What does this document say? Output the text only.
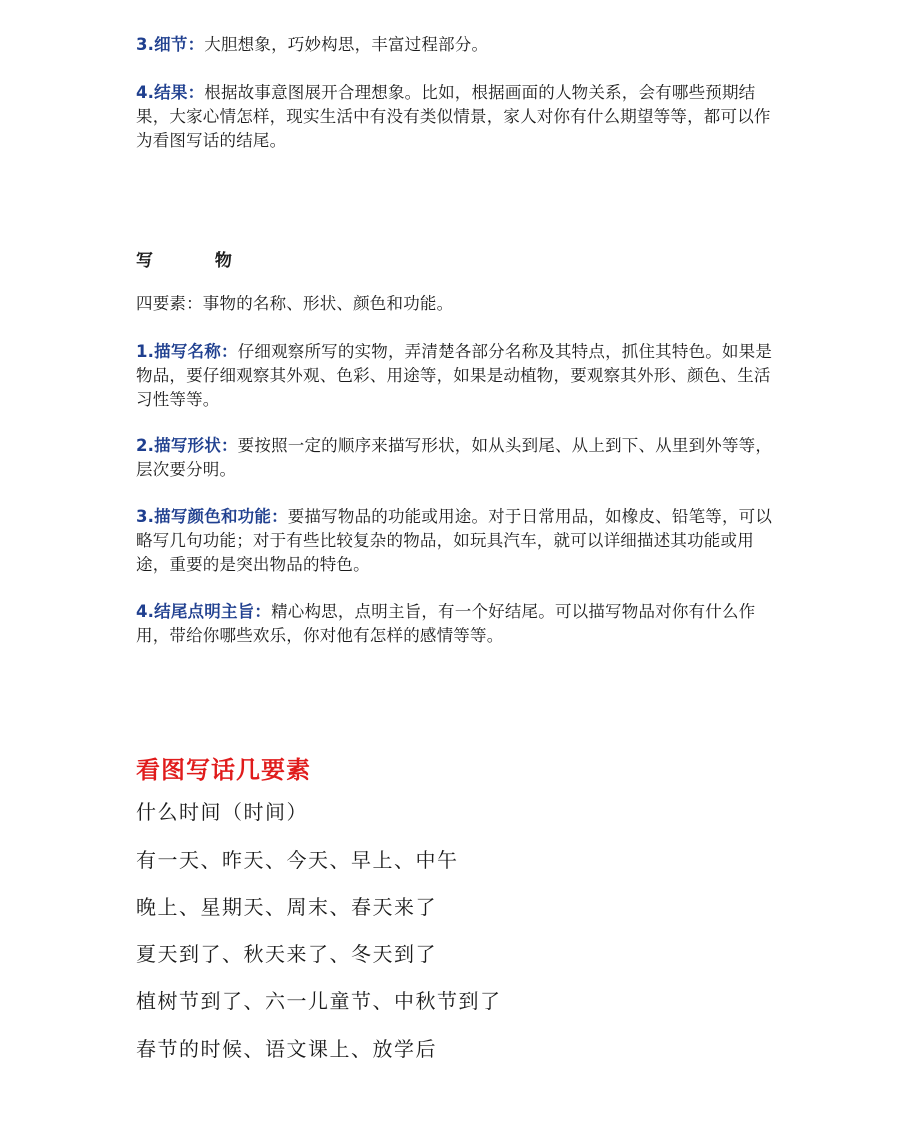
3.细节：大胆想象，巧妙构思，丰富过程部分。
4.结果：根据故事意图展开合理想象。比如，根据画面的人物关系，会有哪些预期结果，大家心情怎样，现实生活中有没有类似情景，家人对你有什么期望等等，都可以作为看图写话的结尾。
写 物
四要素：事物的名称、形状、颜色和功能。
1.描写名称：仔细观察所写的实物，弄清楚各部分名称及其特点，抓住其特色。如果是物品，要仔细观察其外观、色彩、用途等，如果是动植物，要观察其外形、颜色、生活习性等等。
2.描写形状：要按照一定的顺序来描写形状，如从头到尾、从上到下、从里到外等等，层次要分明。
3.描写颜色和功能：要描写物品的功能或用途。对于日常用品，如橡皮、铅笔等，可以略写几句功能；对于有些比较复杂的物品，如玩具汽车，就可以详细描述其功能或用途，重要的是突出物品的特色。
4.结尾点明主旨：精心构思，点明主旨，有一个好结尾。可以描写物品对你有什么作用，带给你哪些欢乐，你对他有怎样的感情等等。
看图写话几要素
什么时间（时间）
有一天、昨天、今天、早上、中午
晚上、星期天、周末、春天来了
夏天到了、秋天来了、冬天到了
植树节到了、六一儿童节、中秋节到了
春节的时候、语文课上、放学后
